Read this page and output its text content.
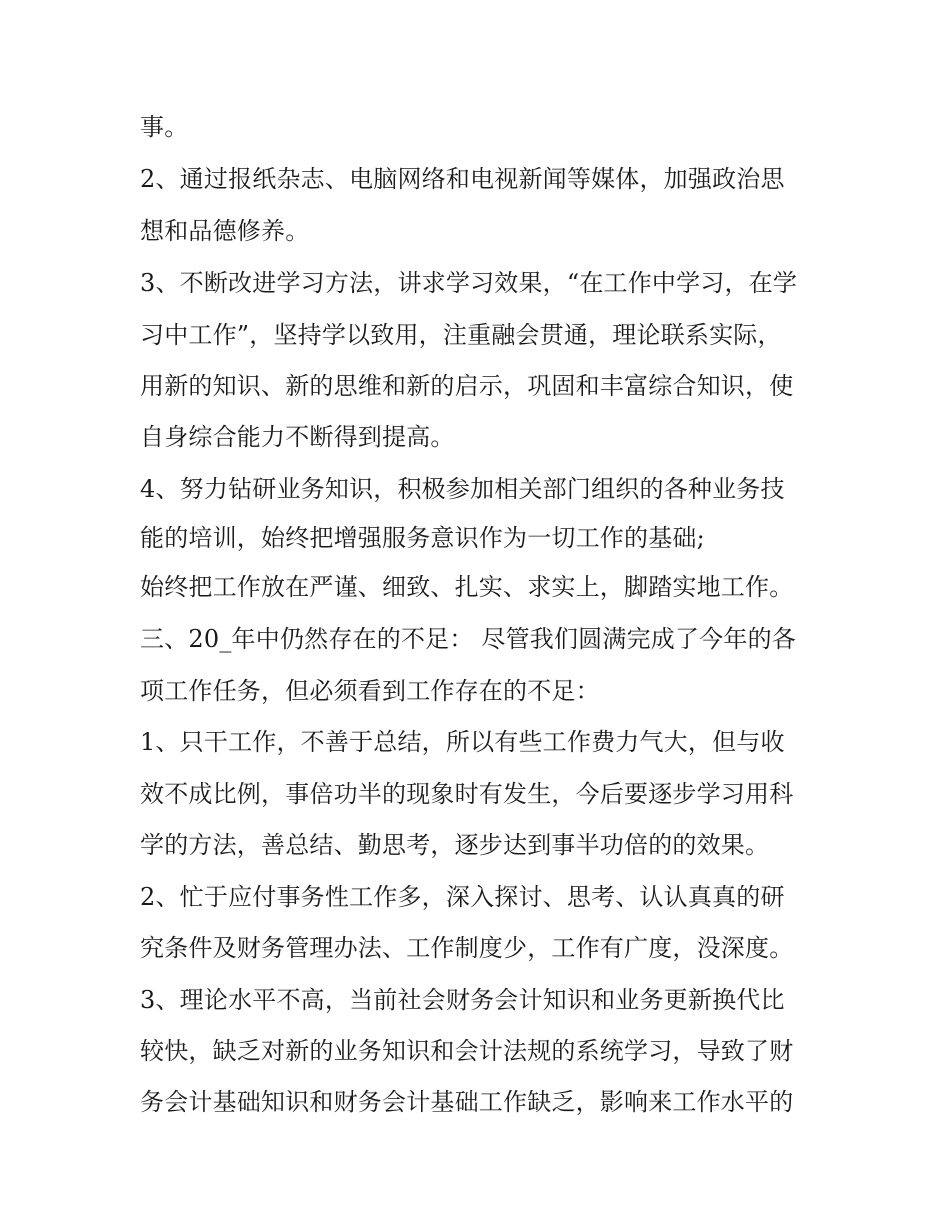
事。
2、通过报纸杂志、电脑网络和电视新闻等媒体，加强政治思
想和品德修养。
3、不断改进学习方法，讲求学习效果，“在工作中学习，在学
习中工作”，坚持学以致用，注重融会贯通，理论联系实际，
用新的知识、新的思维和新的启示，巩固和丰富综合知识，使
自身综合能力不断得到提高。
4、努力钻研业务知识，积极参加相关部门组织的各种业务技
能的培训，始终把增强服务意识作为一切工作的基础;
始终把工作放在严谨、细致、扎实、求实上，脚踏实地工作。
三、20_年中仍然存在的不足： 尽管我们圆满完成了今年的各
项工作任务，但必须看到工作存在的不足：
1、只干工作，不善于总结，所以有些工作费力气大，但与收
效不成比例，事倍功半的现象时有发生，今后要逐步学习用科
学的方法，善总结、勤思考，逐步达到事半功倍的的效果。
2、忙于应付事务性工作多，深入探讨、思考、认认真真的研
究条件及财务管理办法、工作制度少，工作有广度，没深度。
3、理论水平不高，当前社会财务会计知识和业务更新换代比
较快，缺乏对新的业务知识和会计法规的系统学习，导致了财
务会计基础知识和财务会计基础工作缺乏，影响来工作水平的
